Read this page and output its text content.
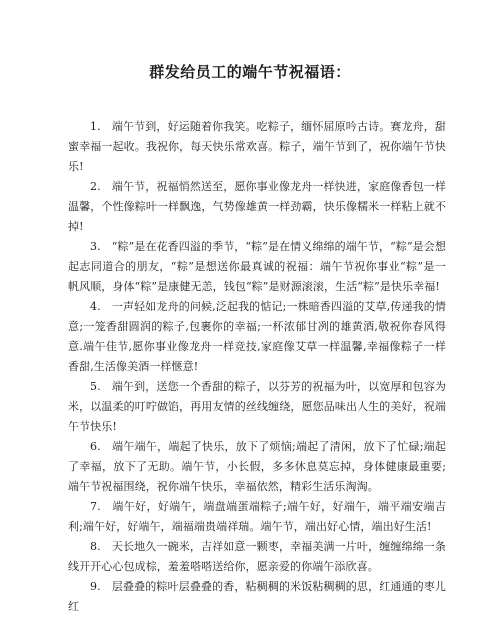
群发给员工的端午节祝福语：

1.　端午节到，好运随着你我笑。吃粽子，缅怀屈原吟古诗。赛龙舟，甜蜜幸福一起收。我祝你，每天快乐常欢喜。粽子，端午节到了，祝你端午节快乐!

2.　端午节，祝福悄然送至，愿你事业像龙舟一样快进，家庭像香包一样温馨，个性像粽叶一样飘逸，气势像雄黄一样劲霸，快乐像糯米一样粘上就不掉!

3.　“粽”是在花香四溢的季节，“粽”是在情义绵绵的端午节，“粽”是会想起志同道合的朋友，“粽”是想送你最真诚的祝福：端午节祝你事业“粽”是一帆风顺，身体“粽”是康健无恙，钱包“粽”是财源滚滚，生活“粽”是快乐幸福!

4.　一声轻如龙舟的问候,泛起我的惦记;一株暗香四溢的艾草,传递我的情意;一笼香甜圆润的粽子,包裹你的幸福;一杯浓郁甘冽的雄黄酒,敬祝你春风得意.端午佳节,愿你事业像龙舟一样竞技,家庭像艾草一样温馨,幸福像粽子一样香甜,生活像美酒一样惬意!

5.　端午到，送您一个香甜的粽子，以芬芳的祝福为叶，以宽厚和包容为米，以温柔的叮咛做馅，再用友情的丝线缠绕，愿您品味出人生的美好，祝端午节快乐!

6.　端午端午，端起了快乐，放下了烦恼;端起了清闲，放下了忙碌;端起了幸福，放下了无助。端午节，小长假，多多休息莫忘掉，身体健康最重要;端午节祝福围绕，祝你端午快乐，幸福依然，精彩生活乐淘淘。

7.　端午好，好端午，端盘端蛋端粽子;端午好，好端午，端平端安端吉利;端午好，好端午，端福端贵端祥瑞。端午节，端出好心情，端出好生活!

8.　天长地久一碗米，吉祥如意一颗枣，幸福美满一片叶，缠缠绵绵一条线开开心心包成棕，羞羞嗒嗒送给你，愿亲爱的你端午添欣喜。

9.　层叠叠的粽叶层叠叠的香，粘稠稠的米饭粘稠稠的思，红通通的枣儿红
